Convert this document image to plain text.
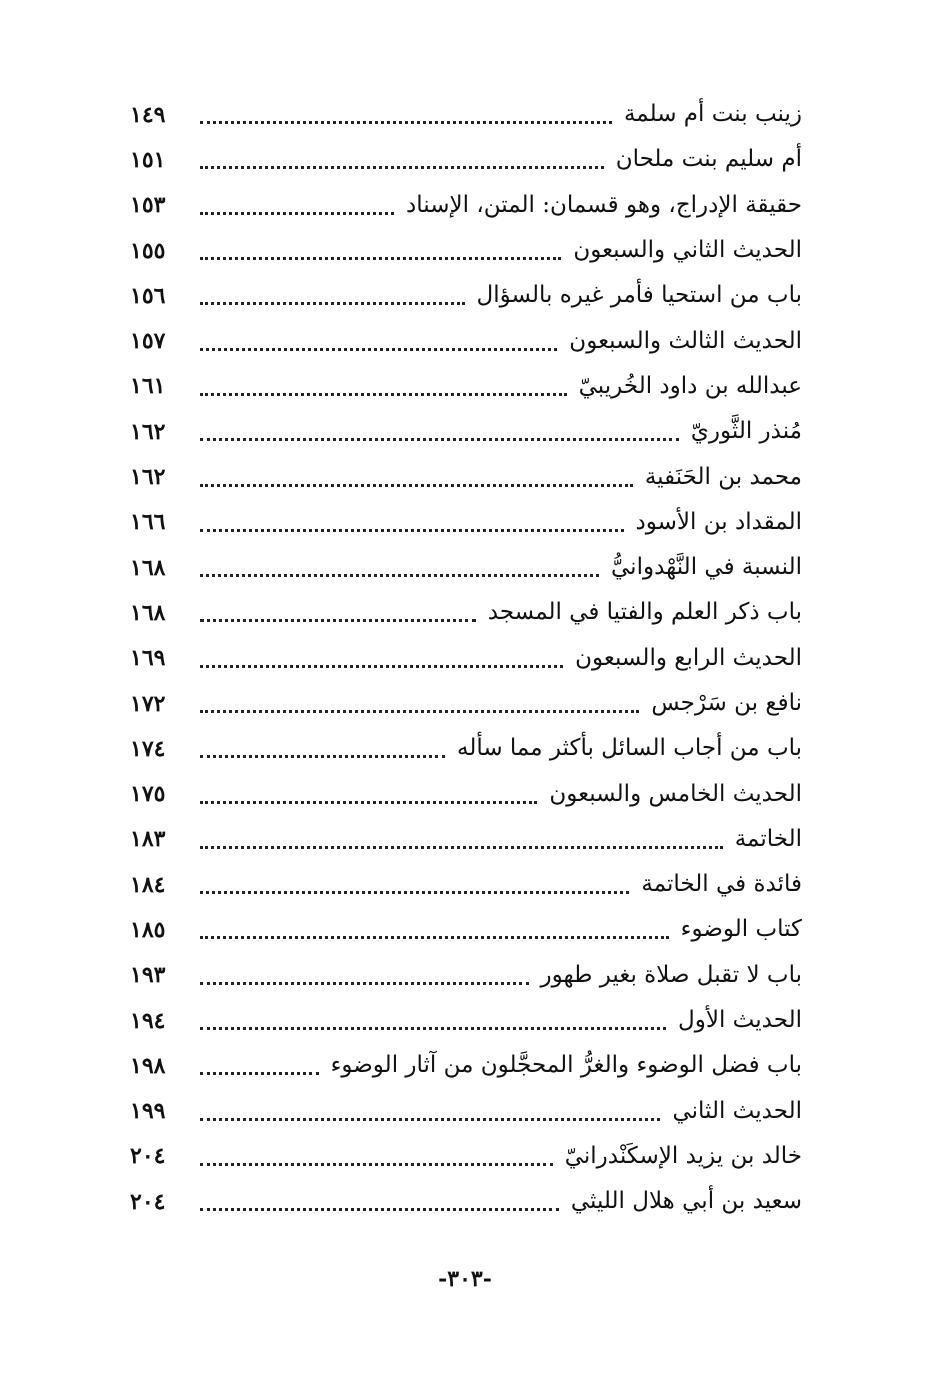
زينب بنت أم سلمة
١٤٩
أم سليم بنت ملحان
١٥١
حقيقة الإدراج، وهو قسمان: المتن، الإسناد
١٥٣
الحديث الثاني والسبعون
١٥٥
باب من استحيا فأمر غيره بالسؤال
١٥٦
الحديث الثالث والسبعون
١٥٧
عبدالله بن داود الخُريبيّ
١٦١
مُنذر الثَّوريّ
١٦٢
محمد بن الحَنَفية
١٦٢
المقداد بن الأسود
١٦٦
النسبة في النَّهْدوانيُّ
١٦٨
باب ذكر العلم والفتيا في المسجد
١٦٨
الحديث الرابع والسبعون
١٦٩
نافع بن سَرْجس
١٧٢
باب من أجاب السائل بأكثر مما سأله
١٧٤
الحديث الخامس والسبعون
١٧٥
الخاتمة
١٨٣
فائدة في الخاتمة
١٨٤
كتاب الوضوء
١٨٥
باب لا تقبل صلاة بغير طهور
١٩٣
الحديث الأول
١٩٤
باب فضل الوضوء والغرُّ المحجَّلون من آثار الوضوء
١٩٨
الحديث الثاني
١٩٩
خالد بن يزيد الإسكَنْدرانيّ
٢٠٤
سعيد بن أبي هلال الليثي
٢٠٤
-٣٠٣-
